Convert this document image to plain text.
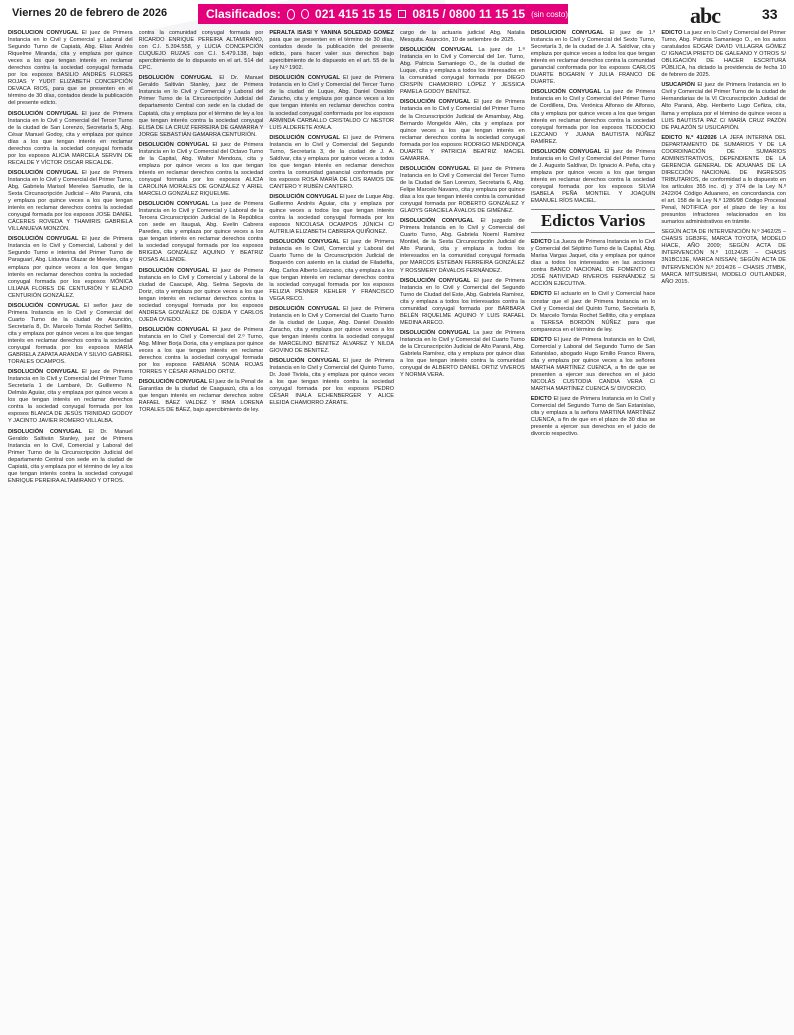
Viernes 20 de febrero de 2026	Clasificados:	021 415 15 15 0815 / 0800 11 15 15 (sin costo)	abc	33
DISOLUCIÓN CONYUGAL El juez de Primera Instancia en lo Civil y Comercial y Laboral del Segundo Turno de Capiatá, Abg. Elías Andrés Riquelme Miranda, cita y emplaza por quince veces a los que tengan interés en reclamar derechos contra la sociedad conyugal formada por los esposos BASILIO ANDRÉS FLORES ROJAS Y YUDIT ELIZABETH CONCEPCIÓN DEVACA RIOS, para que se presenten en el término de 30 días, contados desde la publicación del presente edicto.
DISOLUCIÓN CONYUGAL El juez de Primera Instancia en lo Civil y Comercial del Tercer Turno de la ciudad de San Lorenzo, Secretaría 5, Abg. César Manuel Godoy, cita y emplaza por quince días a los que tengan interés en reclamar derechos contra la sociedad conyugal formada por los esposos ALICIA MARCELA SERVIN DE RECALDE Y VÍCTOR OSCAR RECALDE.
DISOLUCIÓN CONYUGAL El juez de Primera Instancia en lo Civil y Comercial del Primer Turno, Abg. Gabriela Marisol Mereles Samudio, de la Sexta Circunscripción Judicial – Alto Paraná, cita y emplaza por quince veces a los que tengan interés en reclamar derechos contra la sociedad conyugal formada por los esposos JOSE DANIEL CÁCERES ROVEDA Y THAMIRIS GABRIELA VILLANUEVA MONZÓN.
DISOLUCIÓN CONYUGAL El juez de Primera Instancia en lo Civil y Comercial, Laboral y del Segundo Turno e interina del Primer Turno de Paraguarí, Abg. Liduvina Olazar de Mereles, cita y emplaza por quince veces a los que tengan interés en reclamar derechos contra la sociedad conyugal formada por los esposos MÓNICA LILIANA FLORES DE CENTURIÓN Y ELADIO CENTURIÓN GONZÁLEZ.
DISOLUCIÓN CONYUGAL El señor juez de Primera Instancia en lo Civil y Comercial del Cuarto Turno de la ciudad de Asunción, Secretaría 8, Dr. Marcelo Tomás Rochet Sellitto, cita y emplaza por quince veces a los que tengan interés en reclamar derechos contra la sociedad conyugal formada por los esposos MARÍA GABRIELA ZAPATA ARANDA Y SILVIO GABRIEL TORALES OCAMPOS.
DISOLUCIÓN CONYUGAL El juez de Primera Instancia en lo Civil y Comercial del Primer Turno Secretaría 1 de Lambaré, Dr. Guillermo N. Delmás Aguiar, cita y emplaza por quince veces a los que tengan interés en reclamar derechos contra la sociedad conyugal formada por los esposos BLANCA DE JESÚS TRINIDAD GODOY Y JACINTO JAVIER ROMERO VILLALBA.
DISOLUCIÓN CONYUGAL El Dr. Manuel Geraldo Saltiván Stanley, juez de Primera Instancia en lo Civil, Comercial y Laboral del Primer Turno de la Circunscripción Judicial del departamento Central con sede en la ciudad de Capiatá, cita y emplaza por el término de ley a los que tengan interés contra la sociedad conyugal ENRIQUE PEREIRA ALTAMIRANO Y OTROS.
contra la comunidad conyugal formada por RICARDO ENRIQUE PEREIRA ALTAMIRANO, con C.I. 5.394.558, y LUCIA CONCEPCIÓN CUQUEJO RUZAS con C.I. 5.479.138, bajo apercibimiento de lo dispuesto en el art. 514 del CPC.
DISOLUCIÓN CONYUGAL El Dr. Manuel Geraldo Saltiván Stanley, juez de Primera Instancia en lo Civil y Comercial y Laboral del Primer Turno de la Circunscripción Judicial del departamento Central con sede en la ciudad de Capiatá, cita y emplaza por el término de ley a los que tengan interés contra la sociedad conyugal ELISA DE LA CRUZ FERREIRA DE GAMARRA Y JORGE SEBASTIÁN GAMARRA CENTURIÓN.
DISOLUCIÓN CONYUGAL El juez de Primera Instancia en lo Civil y Comercial del Octavo Turno de la Capital, Abg. Walter Mendoza, cita y emplaza por quince veces a los que tengan interés en reclamar derechos contra la sociedad conyugal formada por los esposos ALICIA CAROLINA MORALES DE GONZÁLEZ Y ARIEL MARCELO GONZÁLEZ RIQUELME.
DISOLUCIÓN CONYUGAL La juez de Primera Instancia en lo Civil y Comercial y Laboral de la Tercera Circunscripción Judicial de la República con sede en Itauguá, Abg. Evelin Cabrera Paredes, cita y emplaza por quince veces a los que tengan interés en reclamar derechos contra la sociedad conyugal formada por los esposos BRIGIDA GONZÁLEZ AQUINO Y BEATRIZ ROSAS ALLENDE.
DISOLUCIÓN CONYUGAL El juez de Primera Instancia en lo Civil y Comercial y Laboral de la ciudad de Caacupé, Abg. Selma Segovia de Doriz, cita y emplaza por quince veces a los que tengan interés en reclamar derechos contra la sociedad conyugal formada por los esposos ANDRESA GONZÁLEZ DE OJEDA Y CARLOS OJEDA OVIEDO.
DISOLUCIÓN CONYUGAL El juez de Primera Instancia en lo Civil y Comercial del 2.º Turno, Abg. Milner Borja Doria, cita y emplaza por quince veces a los que tengan interés en reclamar derechos contra la sociedad conyugal formada por los esposos FABIANA SONIA ROJAS TORRES Y CÉSAR ARNALDO ORTIZ.
DISOLUCIÓN CONYUGAL El juez de la Penal de Garantías de la ciudad de Caaguazú, cita a los que tengan interés en reclamar derechos sobre RAFAEL BÁEZ VALDEZ Y IRMA LORENA TORALES DE BÁEZ, bajo apercibimiento de ley.
PERALTA ISASI Y YANINA SOLEDAD GÓMEZ para que se presenten en el término de 30 días, contados desde la publicación del presente edicto, para hacer valer sus derechos bajo apercibimiento de lo dispuesto en el art. 55 de la Ley N.º 1902.
DISOLUCIÓN CONYUGAL El juez de Primera Instancia en lo Civil y Comercial del Tercer Turno de la ciudad de Luque, Abg. Daniel Osvaldo Zaracho, cita y emplaza por quince veces a los que tengan interés en reclamar derechos contra la sociedad conyugal conformada por los esposos ARMINDA CARBALLO CRISTALDO C/ NESTOR LUIS ALDERETE AYALA.
DISOLUCIÓN CONYUGAL El juez de Primera Instancia en lo Civil y Comercial del Segundo Turno, Secretaría 3, de la ciudad de J. A. Saldívar, cita y emplaza por quince veces a todos los que tengan interés en reclamar derechos contra la comunidad ganancial conformada por los esposos ROSA MARÍA DE LOS RAMOS DE CANTERO Y RUBÉN CANTERO.
DISOLUCIÓN CONYUGAL El juez de Luque Abg. Guillermo Andrés Aguiar, cita y emplaza por quince veces a todos los que tengan interés contra la sociedad conyugal formada por los esposos NICOLASA OCAMPOS JÚNICH C/ AUTRILIA ELIZABETH CABRERA QUIÑONEZ.
DISOLUCIÓN CONYUGAL El juez de Primera Instancia en lo Civil, Comercial y Laboral del Cuarto Turno de la Circunscripción Judicial de Boquerón con asiento en la ciudad de Filadelfia, Abg. Carlos Alberto Leizcano, cita y emplaza a los que tengan interés en reclamar derechos contra la sociedad conyugal formada por los esposos FELIZIA PENNER KEHLER Y FRANCISCO VEGA RECO.
DISOLUCIÓN CONYUGAL El juez de Primera Instancia en lo Civil y Comercial del Cuarto Turno de la ciudad de Luque, Abg. Daniel Osvaldo Zaracho, cita y emplaza por quince veces a los que tengan interés contra la sociedad conyugal de MARCELINO BENITEZ ÁLVAREZ Y NILDA GIOVINO DE BENITEZ.
DISOLUCIÓN CONYUGAL El juez de Primera Instancia en lo Civil y Comercial del Quinto Turno, Dr. José Tiviola, cita y emplaza por quince veces a los que tengan interés contra la sociedad conyugal formada por los esposos PEDRO CÉSAR INALA ECHENBERGER Y ALICE ELEIDA CHAMORRO ZÁRATE.
cargo de la actuaria judicial Abg. Natalia Mesquita. Asunción, 10 de setiembre de 2025.
DISOLUCIÓN CONYUGAL La juez de 1.ª Instancia en lo Civil y Comercial del 1er. Turno, Abg. Patricia Samaniego O., de la ciudad de Luque, cita y emplaza a todos los interesados en la comunidad conyugal formada por DIEGO CRISPÍN CHAMORRO LÓPEZ Y JESSICA PAMELA GODOY BENÍTEZ.
DISOLUCIÓN CONYUGAL El juez de Primera Instancia en lo Civil y Comercial del Primer Turno de la Circunscripción Judicial de Amambay, Abg. Bernardo Mongelós Alén, cita y emplaza por quince veces a los que tengan interés en reclamar derechos contra la sociedad conyugal formada por los esposos RODRIGO MENDONÇA DUARTE Y PATRICIA BEATRIZ MACIEL GAMARRA.
DISOLUCIÓN CONYUGAL El juez de Primera Instancia en lo Civil y Comercial del Tercer Turno de la Ciudad de San Lorenzo, Secretaría 6, Abg. Felipe Marcelo Navarro, cita y emplaza por quince días a los que tengan interés contra la comunidad conyugal formada por ROBERTO GONZÁLEZ Y GLADYS GRACIELA ÁVALOS DE GIMÉNEZ.
DISOLUCIÓN CONYUGAL El juzgado de Primera Instancia en lo Civil y Comercial del Cuarto Turno, Abg. Gabriela Noemí Ramírez Montiel, de la Sexta Circunscripción Judicial de Alto Paraná, cita y emplaza a todos los interesados en la comunidad conyugal formada por MARCOS ESTEBAN FERREIRA GONZÁLEZ Y ROSSMERY DÁVALOS FERNÁNDEZ.
DISOLUCIÓN CONYUGAL El juez de Primera Instancia en lo Civil y Comercial del Segundo Turno de Ciudad del Este, Abg. Gabriela Ramírez, cita y emplaza a todos los interesados contra la comunidad conyugal formada por BÁRBARA BELÉN RIQUELME AQUINO Y LUIS RAFAEL MEDINA ARECO.
DISOLUCIÓN CONYUGAL La juez de Primera Instancia en lo Civil y Comercial del Cuarto Turno de la Circunscripción Judicial de Alto Paraná, Abg. Gabriela Ramírez, cita y emplaza por quince días a los que tengan interés contra la comunidad conyugal de ALBERTO DANIEL ORTIZ VIVEROS Y NORMA VERA.
DISOLUCIÓN CONYUGAL El juez de 1.ª Instancia en lo Civil y Comercial del Sexto Turno, Secretaría 3, de la ciudad de J. A. Saldívar, cita y emplaza por quince veces a todos los que tengan interés en reclamar derechos contra la comunidad ganancial conformada por los esposos CARLOS DUARTE BOGARIN Y JULIA FRANCO DE DUARTE.
DISOLUCIÓN CONYUGAL La juez de Primera Instancia en lo Civil y Comercial del Primer Turno de Cordillera, Dra. Verónica Alfonso de Alfonso, cita y emplaza por quince veces a los que tengan interés en reclamar derechos contra la sociedad conyugal formada por los esposos TEODOCIO LEZCANO Y JUANA BAUTISTA NÚÑEZ RAMÍREZ.
DISOLUCIÓN CONYUGAL El juez de Primera Instancia en lo Civil y Comercial del Primer Turno de J. Augusto Saldívar, Dr. Ignacio A. Peña, cita y emplaza por quince veces a los que tengan interés en reclamar derechos contra la sociedad conyugal formada por los esposos SILVIA ISABELA PEÑA MONTIEL Y JOAQUÍN EMANUEL RÍOS MACIEL.
Edictos Varios
EDICTO La Jueza de Primera Instancia en lo Civil y Comercial del Séptimo Turno de la Capital, Abg. Marisa Vargas Jaquet, cita y emplaza por quince días a todos los interesados en las acciones contra BANCO NACIONAL DE FOMENTO C/ JOSÉ NATIVIDAD RIVEROS FERNÁNDEZ S/ ACCIÓN EJECUTIVA.
EDICTO El actuario en lo Civil y Comercial hace constar que el juez de Primera Instancia en lo Civil y Comercial del Quinto Turno, Secretaría 8, Dr. Marcelo Tomás Rochet Sellitto, cita y emplaza a TERESA BORDÓN NÚÑEZ para que comparezca en el término de ley.
EDICTO El juez de Primera Instancia en lo Civil, Comercial y Laboral del Segundo Turno de San Estanislao, abogado Hugo Emilio Franco Rivera, cita y emplaza por quince veces a los señores MARTHA MARTÍNEZ CUENCA, a fin de que se presenten a ejercer sus derechos en el juicio NICOLÁS CUSTODIA CANDIA VERA C/ MARTHA MARTÍNEZ CUENCA S/ DIVORCIO.
EDICTO El juez de Primera Instancia en lo Civil y Comercial del Segundo Turno de San Estanislao, cita y emplaza a la señora MARTINA MARTÍNEZ CUENCA, a fin de que en el plazo de 30 días se presente a ejercer sus derechos en el juicio de divorcio respectivo.
EDICTO La juez en lo Civil y Comercial del Primer Turno, Abg. Patricia Samaniego O., en los autos caratulados EDGAR DAVID VILLAGRA GÓMEZ C/ IGNACIA PRIETO DE GALEANO Y OTROS S/ OBLIGACIÓN DE HACER ESCRITURA PÚBLICA, ha dictado la providencia de fecha 10 de febrero de 2025.
USUCAPIÓN El juez de Primera Instancia en lo Civil y Comercial del Primer Turno de la ciudad de Hernandarias de la VI Circunscripción Judicial de Alto Paraná, Abg. Heriberto Lugo Ceñiza, cita, llama y emplaza por el término de quince veces a LUIS BAUTISTA PAZ C/ MARÍA CRUZ PAZÓN DE PALAZÓN S/ USUCAPIÓN.
EDICTO N.º 41/2026 LA JEFA INTERINA DEL DEPARTAMENTO DE SUMARIOS Y DE LA COORDINACIÓN DE SUMARIOS ADMINISTRATIVOS, DEPENDIENTE DE LA GERENCIA GENERAL DE ADUANAS DE LA DIRECCIÓN NACIONAL DE INGRESOS TRIBUTARIOS, de conformidad a lo dispuesto en los artículos 355 inc. d) y 374 de la Ley N.º 2422/04 Código Aduanero, en concordancia con el art. 158 de la Ley N.º 1286/98 Código Procesal Penal, NOTIFICA por el plazo de ley a los presuntos infractores relacionados en los sumarios administrativos en trámite.
SEGÚN ACTA DE INTERVENCIÓN N.º 3462/25 – CHASIS 1GB3FE, MARCA TOYOTA, MODELO HIACE, AÑO 2009; SEGÚN ACTA DE INTERVENCIÓN N.º 10124/25 – CHASIS 3N1BC13E, MARCA NISSAN; SEGÚN ACTA DE INTERVENCIÓN N.º 2014/26 – CHASIS JTMBK, MARCA MITSUBISHI, MODELO OUTLANDER, AÑO 2015.
